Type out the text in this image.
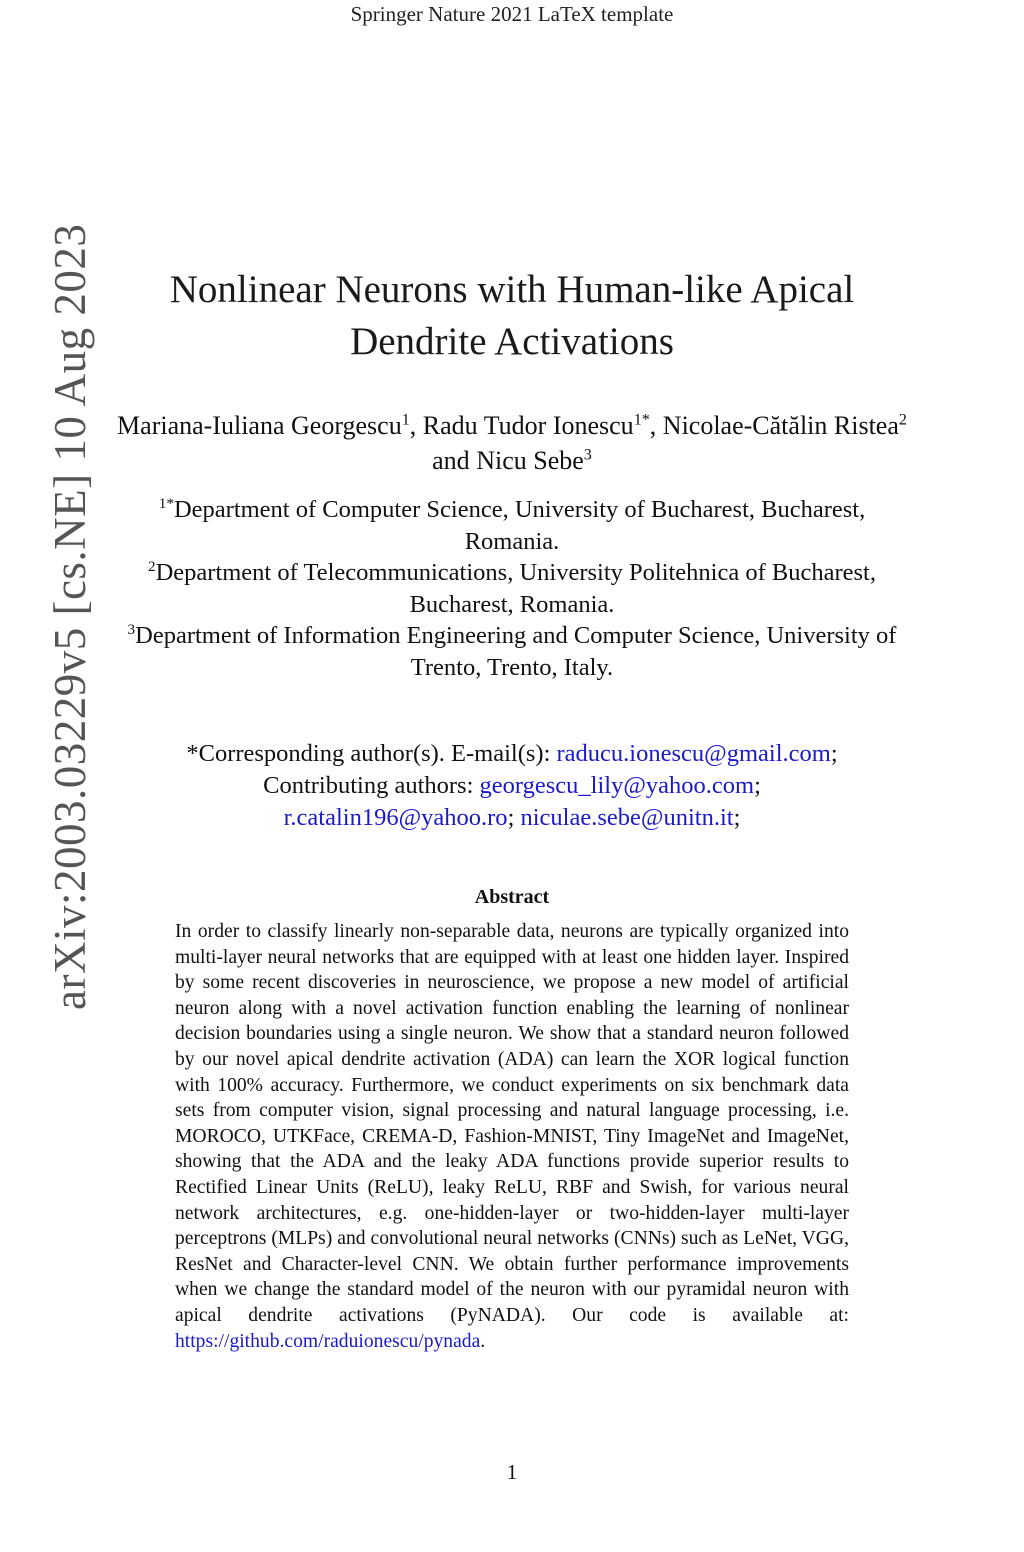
Springer Nature 2021 LaTeX template
arXiv:2003.03229v5 [cs.NE] 10 Aug 2023	Nonlinear Neurons with Human-like Apical
Dendrite Activations
Mariana-Iuliana Georgescu$^1$, Radu Tudor Ionescu$^{1*}$, Nicolae-Cătălin Ristea$^2$ and Nicu Sebe$^3$
$^{1*}$Department of Computer Science, University of Bucharest, Bucharest, Romania.
$^2$Department of Telecommunications, University Politehnica of Bucharest, Bucharest, Romania.
$^3$Department of Information Engineering and Computer Science, University of Trento, Trento, Italy.
*Corresponding author(s). E-mail(s): raducu.ionescu@gmail.com;
Contributing authors: georgescu_lily@yahoo.com;
r.catalin196@yahoo.ro; niculae.sebe@unitn.it;
Abstract
In order to classify linearly non-separable data, neurons are typically organized into multi-layer neural networks that are equipped with at least one hidden layer. Inspired by some recent discoveries in neuroscience, we propose a new model of artificial neuron along with a novel activation function enabling the learning of nonlinear decision boundaries using a single neuron. We show that a standard neuron followed by our novel apical dendrite activation (ADA) can learn the XOR logical function with 100% accuracy. Furthermore, we conduct experiments on six benchmark data sets from computer vision, signal processing and natural language processing, i.e. MOROCO, UTKFace, CREMA-D, Fashion-MNIST, Tiny ImageNet and ImageNet, showing that the ADA and the leaky ADA functions provide superior results to Rectified Linear Units (ReLU), leaky ReLU, RBF and Swish, for various neural network architectures, e.g. one-hidden-layer or two-hidden-layer multi-layer perceptrons (MLPs) and convolutional neural networks (CNNs) such as LeNet, VGG, ResNet and Character-level CNN. We obtain further performance improvements when we change the standard model of the neuron with our pyramidal neuron with apical dendrite activations (PyNADA). Our code is available at: https://github.com/raduionescu/pynada.
1
